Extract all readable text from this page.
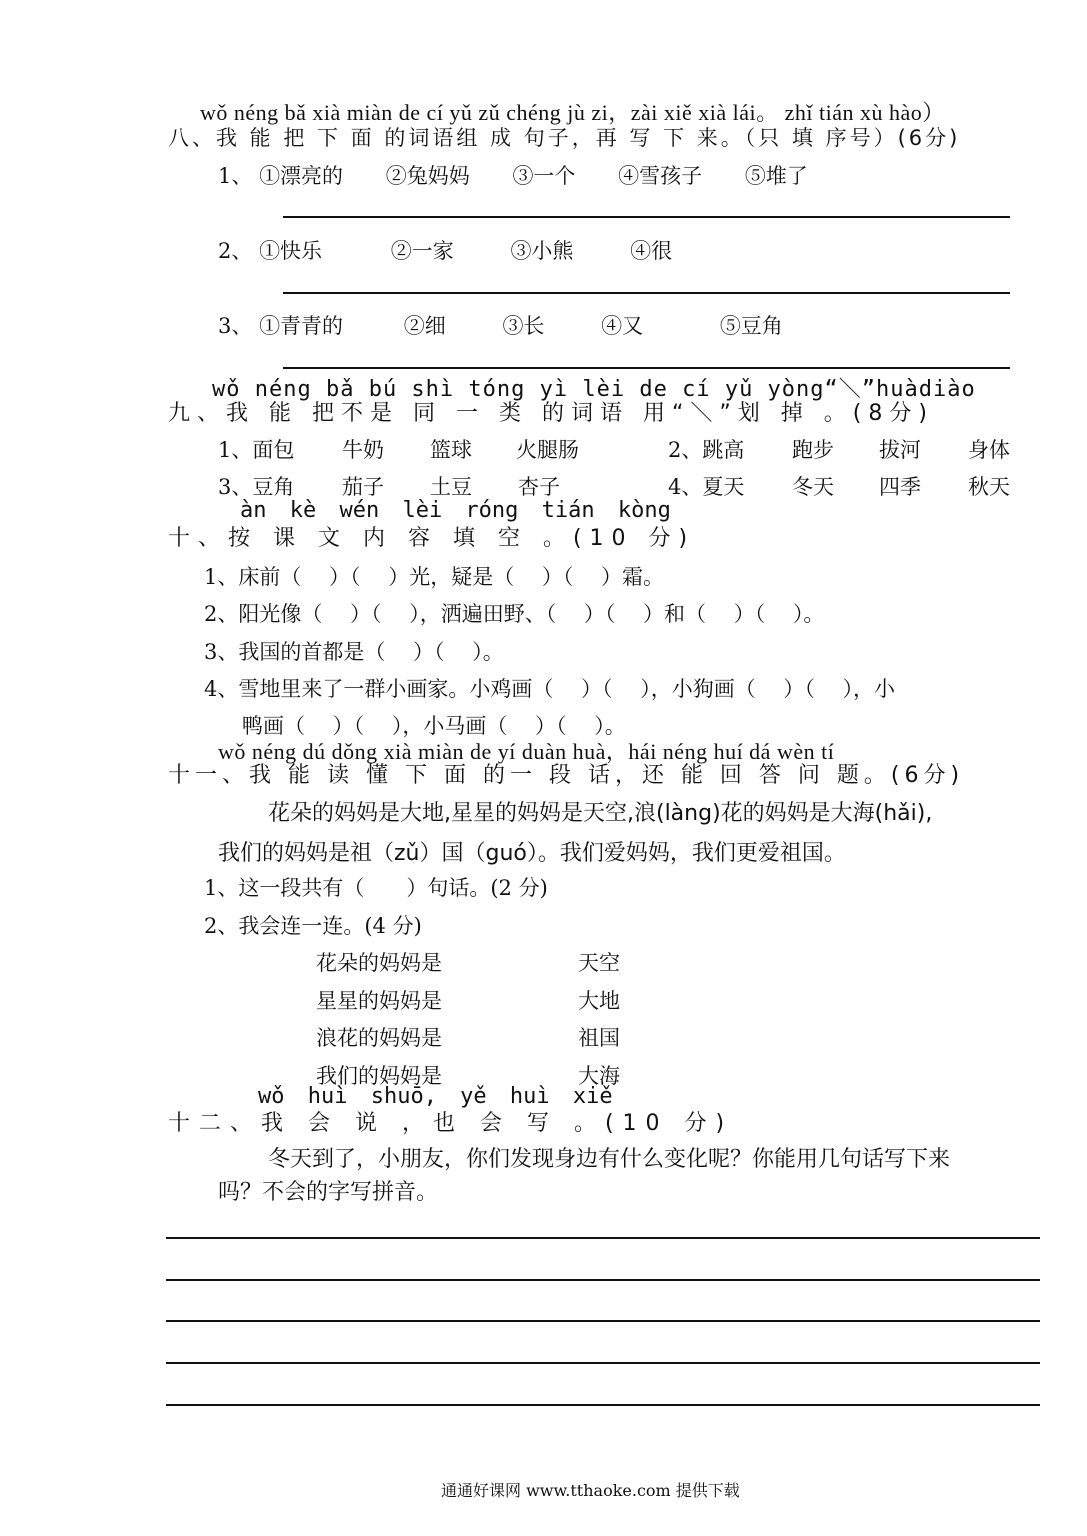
wǒ néng bǎ xià miàn de cí yǔ zǔ chéng jù zi，zài xiě xià lái。 zhǐ tián xù hào）
八、我 能 把 下 面 的词语组 成 句子，再 写 下 来。（只 填 序号）(6分)
1、 ①漂亮的 ②兔妈妈 ③一个 ④雪孩子 ⑤堆了
2、 ①快乐	②一家	③小熊	④很
3、 ①青青的	②细	③长	④又	⑤豆角
wǒ néng bǎ bú shì tóng yì lèi de cí yǔ yòng“＼”huàdiào
九、我 能 把不是 同 一 类 的词语 用“＼”划 掉 。(8分)
1、面包 牛奶 篮球 火腿肠	2、跳高 跑步 拔河 身体
3、豆角 茄子 土豆 杏子	4、夏天 冬天 四季 秋天
àn kè wén lèi róng tián kòng
十、按 课 文 内 容 填 空 。(10 分)
1、床前（　 ）（　 ）光，疑是（　 ）（　 ）霜。
2、阳光像（　 ）（　 ），洒遍田野、（　 ）（　 ）和（　 ）（　 ）。
3、我国的首都是（　 ）（　 ）。
4、雪地里来了一群小画家。小鸡画（　 ）（　 ），小狗画（　 ）（　 ），小
鸭画（　 ）（　 ），小马画（　 ）（　 ）。
wǒ néng dú dǒng xià miàn de yí duàn huà，hái néng huí dá wèn tí
十一、我 能 读 懂 下 面 的一 段 话，还 能 回 答 问 题。(6分)
花朵的妈妈是大地,星星的妈妈是天空,浪(làng)花的妈妈是大海(hǎi),
我们的妈妈是祖（zǔ）国（guó）。我们爱妈妈，我们更爱祖国。
1、这一段共有（　　）句话。(2 分)
2、我会连一连。(4 分)
花朵的妈妈是	天空
星星的妈妈是	大地
浪花的妈妈是	祖国
我们的妈妈是	大海
wǒ huì shuō, yě huì xiě
十二、我 会 说 ，也 会 写 。(10 分)
冬天到了，小朋友，你们发现身边有什么变化呢？你能用几句话写下来
吗？不会的字写拼音。
通通好课网 www.tthaoke.com 提供下载
